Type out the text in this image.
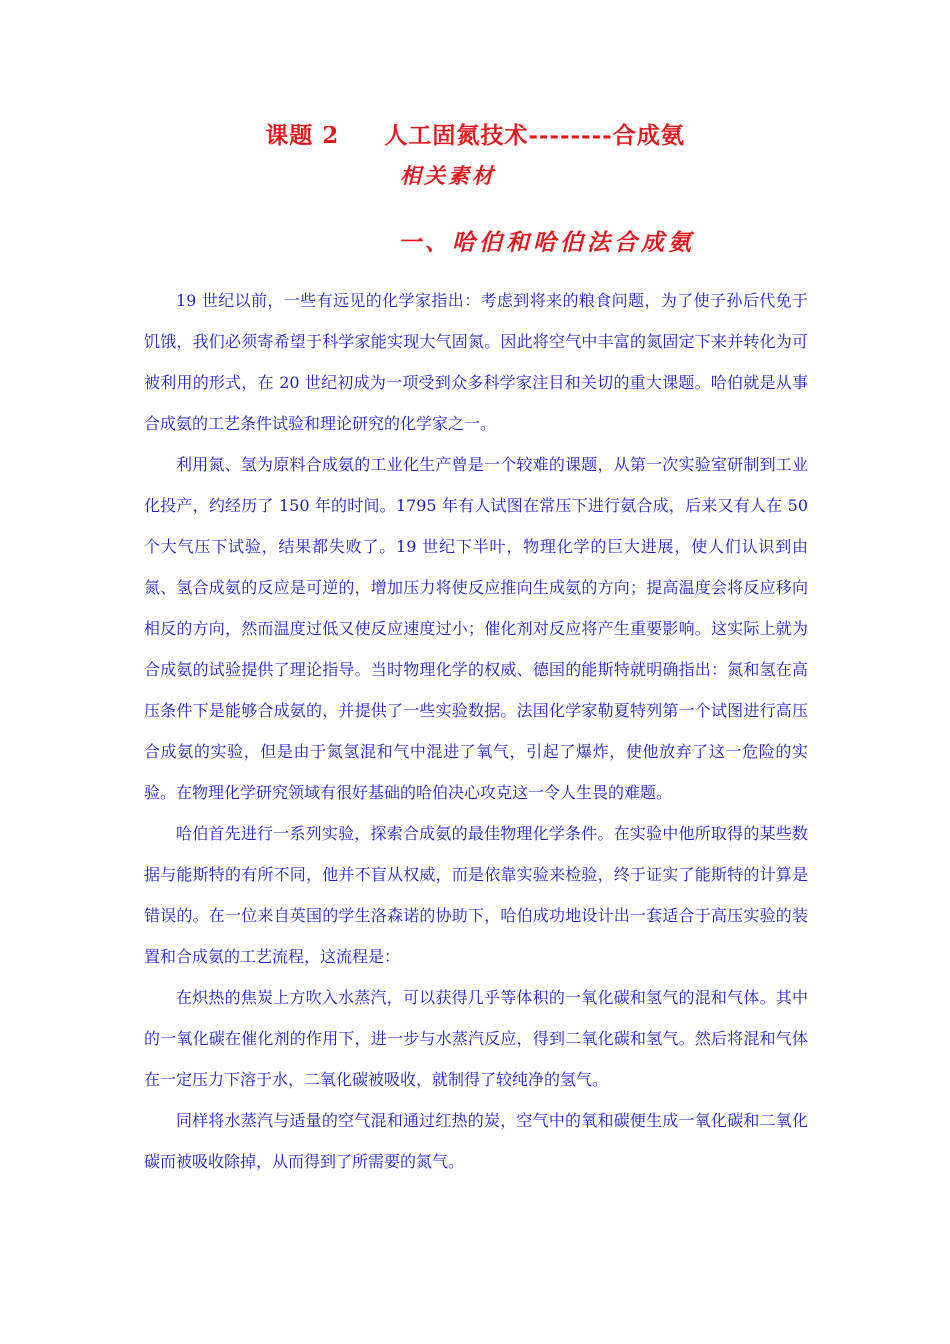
课题 2     人工固氮技术--------合成氨
相关素材
一、哈伯和哈伯法合成氨

19 世纪以前，一些有远见的化学家指出：考虑到将来的粮食问题，为了使子孙后代免于饥饿，我们必须寄希望于科学家能实现大气固氮。因此将空气中丰富的氮固定下来并转化为可被利用的形式，在 20 世纪初成为一项受到众多科学家注目和关切的重大课题。哈伯就是从事合成氨的工艺条件试验和理论研究的化学家之一。

利用氮、氢为原料合成氨的工业化生产曾是一个较难的课题，从第一次实验室研制到工业化投产，约经历了 150 年的时间。1795 年有人试图在常压下进行氨合成，后来又有人在 50 个大气压下试验，结果都失败了。19 世纪下半叶，物理化学的巨大进展，使人们认识到由氮、氢合成氨的反应是可逆的，增加压力将使反应推向生成氨的方向；提高温度会将反应移向相反的方向，然而温度过低又使反应速度过小；催化剂对反应将产生重要影响。这实际上就为合成氨的试验提供了理论指导。当时物理化学的权威、德国的能斯特就明确指出：氮和氢在高压条件下是能够合成氨的，并提供了一些实验数据。法国化学家勒夏特列第一个试图进行高压合成氨的实验，但是由于氮氢混和气中混进了氧气，引起了爆炸，使他放弃了这一危险的实验。在物理化学研究领域有很好基础的哈伯决心攻克这一令人生畏的难题。

哈伯首先进行一系列实验，探索合成氨的最佳物理化学条件。在实验中他所取得的某些数据与能斯特的有所不同，他并不盲从权威，而是依靠实验来检验，终于证实了能斯特的计算是错误的。在一位来自英国的学生洛森诺的协助下，哈伯成功地设计出一套适合于高压实验的装置和合成氨的工艺流程，这流程是：

在炽热的焦炭上方吹入水蒸汽，可以获得几乎等体积的一氧化碳和氢气的混和气体。其中的一氧化碳在催化剂的作用下，进一步与水蒸汽反应，得到二氧化碳和氢气。然后将混和气体在一定压力下溶于水，二氧化碳被吸收，就制得了较纯净的氢气。

同样将水蒸汽与适量的空气混和通过红热的炭，空气中的氧和碳便生成一氧化碳和二氧化碳而被吸收除掉，从而得到了所需要的氮气。
